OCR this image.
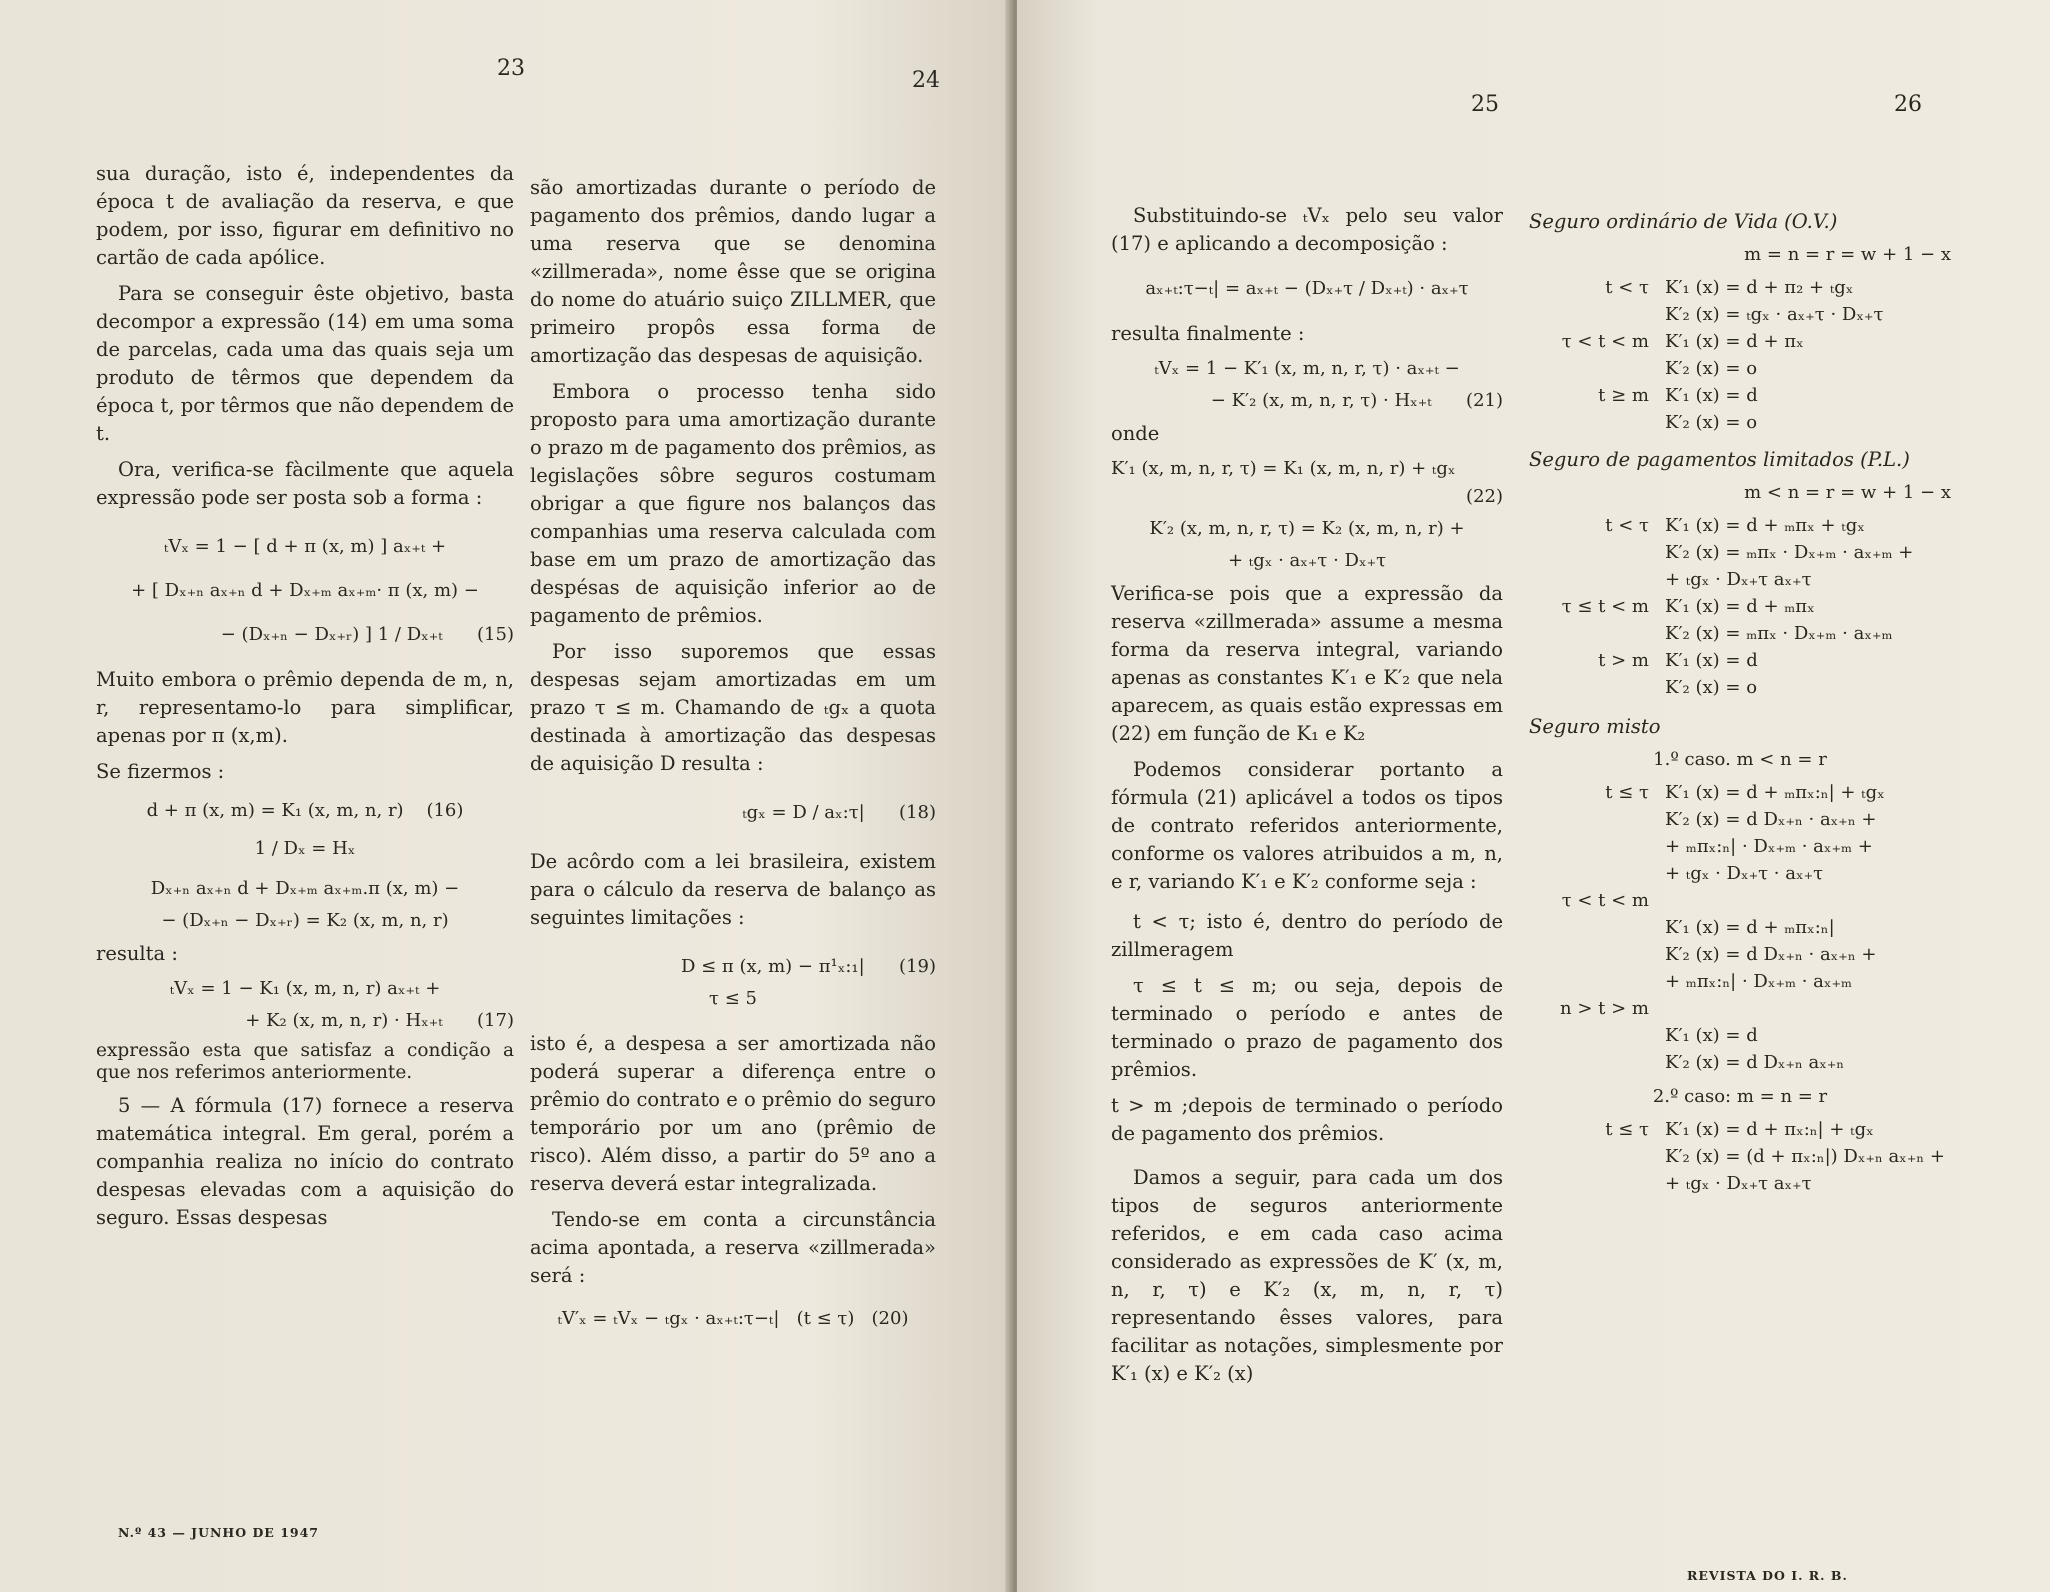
23	24

sua duração, isto é, independentes da época t de avaliação da reserva, e que podem, por isso, figurar em definitivo no cartão de cada apólice.

Para se conseguir êste objetivo, basta decompor a expressão (14) em uma soma de parcelas, cada uma das quais seja um produto de têrmos que dependem da época t, por têrmos que não dependem de t.

Ora, verifica-se fàcilmente que aquela expressão pode ser posta sob a forma :

ₜVₓ = 1 − [ d + π (x, m) ] aₓ₊ₜ +
+ [ Dₓ₊ₙ aₓ₊ₙ d + Dₓ₊ₘ aₓ₊ₘ· π (x, m) −
− (Dₓ₊ₙ − Dₓ₊ᵣ) ] 1 / Dₓ₊ₜ      (15)

Muito embora o prêmio dependa de m, n, r, representamo-lo para simplificar, apenas por π (x,m).

Se fizermos :

d + π (x, m) = K₁ (x, m, n, r)    (16)
1 / Dₓ = Hₓ
Dₓ₊ₙ aₓ₊ₙ d + Dₓ₊ₘ aₓ₊ₘ.π (x, m) −
− (Dₓ₊ₙ − Dₓ₊ᵣ) = K₂ (x, m, n, r)

resulta :

ₜVₓ = 1 − K₁ (x, m, n, r) aₓ₊ₜ +
+ K₂ (x, m, n, r) · Hₓ₊ₜ      (17)

expressão esta que satisfaz a condição a que nos referimos anteriormente.

5 — A fórmula (17) fornece a reserva matemática integral. Em geral, porém a companhia realiza no início do contrato despesas elevadas com a aquisição do seguro. Essas despesas

são amortizadas durante o período de pagamento dos prêmios, dando lugar a uma reserva que se denomina «zillmerada», nome êsse que se origina do nome do atuário suiço ZILLMER, que primeiro propôs essa forma de amortização das despesas de aquisição.

Embora o processo tenha sido proposto para uma amortização durante o prazo m de pagamento dos prêmios, as legislações sôbre seguros costumam obrigar a que figure nos balanços das companhias uma reserva calculada com base em um prazo de amortização das despésas de aquisição inferior ao de pagamento de prêmios.

Por isso suporemos que essas despesas sejam amortizadas em um prazo τ ≤ m. Chamando de ₜgₓ a quota destinada à amortização das despesas de aquisição D resulta :

ₜgₓ = D / aₓ:τ|      (18)

De acôrdo com a lei brasileira, existem para o cálculo da reserva de balanço as seguintes limitações :

D ≤ π (x, m) − π¹ₓ:₁|      (19)
τ ≤ 5

isto é, a despesa a ser amortizada não poderá superar a diferença entre o prêmio do contrato e o prêmio do seguro temporário por um ano (prêmio de risco). Além disso, a partir do 5º ano a reserva deverá estar integralizada.

Tendo-se em conta a circunstância acima apontada, a reserva «zillmerada» será :

ₜV′ₓ = ₜVₓ − ₜgₓ · aₓ₊ₜ:τ−ₜ|   (t ≤ τ)   (20)
N.º 43 — JUNHO DE 1947
25	26

Substituindo-se ₜVₓ pelo seu valor (17) e aplicando a decomposição :

aₓ₊ₜ:τ−ₜ| = aₓ₊ₜ − (Dₓ₊τ / Dₓ₊ₜ) · aₓ₊τ

resulta finalmente :

ₜVₓ = 1 − K′₁ (x, m, n, r, τ) · aₓ₊ₜ −
− K′₂ (x, m, n, r, τ) · Hₓ₊ₜ      (21)

onde

K′₁ (x, m, n, r, τ) = K₁ (x, m, n, r) + ₜgₓ
(22)
K′₂ (x, m, n, r, τ) = K₂ (x, m, n, r) +
+ ₜgₓ · aₓ₊τ · Dₓ₊τ

Verifica-se pois que a expressão da reserva «zillmerada» assume a mesma forma da reserva integral, variando apenas as constantes K′₁ e K′₂ que nela aparecem, as quais estão expressas em (22) em função de K₁ e K₂

Podemos considerar portanto a fórmula (21) aplicável a todos os tipos de contrato referidos anteriormente, conforme os valores atribuidos a m, n, e r, variando K′₁ e K′₂ conforme seja :

t < τ; isto é, dentro do período de zillmeragem

τ ≤ t ≤ m; ou seja, depois de terminado o período e antes de terminado o prazo de pagamento dos prêmios.

t > m ;depois de terminado o período de pagamento dos prêmios.

Damos a seguir, para cada um dos tipos de seguros anteriormente referidos, e em cada caso acima considerado as expressões de K′ (x, m, n, r, τ) e K′₂ (x, m, n, r, τ) representando êsses valores, para facilitar as notações, simplesmente por K′₁ (x) e K′₂ (x)

Seguro ordinário de Vida (O.V.)
m = n = r = w + 1 − x
t < τ K′₁ (x) = d + π₂ + ₜgₓ
K′₂ (x) = ₜgₓ · aₓ₊τ · Dₓ₊τ
τ < t < m K′₁ (x) = d + πₓ
K′₂ (x) = o
t ≥ m K′₁ (x) = d
K′₂ (x) = o
Seguro de pagamentos limitados (P.L.)
m < n = r = w + 1 − x
t < τ K′₁ (x) = d + ₘπₓ + ₜgₓ
K′₂ (x) = ₘπₓ · Dₓ₊ₘ · aₓ₊ₘ +
+ ₜgₓ · Dₓ₊τ aₓ₊τ
τ ≤ t < m K′₁ (x) = d + ₘπₓ
K′₂ (x) = ₘπₓ · Dₓ₊ₘ · aₓ₊ₘ
t > m K′₁ (x) = d
K′₂ (x) = o
Seguro misto
1.º caso. m < n = r
t ≤ τ K′₁ (x) = d + ₘπₓ:ₙ| + ₜgₓ
K′₂ (x) = d Dₓ₊ₙ · aₓ₊ₙ +
+ ₘπₓ:ₙ| · Dₓ₊ₘ · aₓ₊ₘ +
+ ₜgₓ · Dₓ₊τ · aₓ₊τ
τ < t < m
K′₁ (x) = d + ₘπₓ:ₙ|
K′₂ (x) = d Dₓ₊ₙ · aₓ₊ₙ +
+ ₘπₓ:ₙ| · Dₓ₊ₘ · aₓ₊ₘ
n > t > m
K′₁ (x) = d
K′₂ (x) = d Dₓ₊ₙ aₓ₊ₙ
2.º caso: m = n = r
t ≤ τ K′₁ (x) = d + πₓ:ₙ| + ₜgₓ
K′₂ (x) = (d + πₓ:ₙ|) Dₓ₊ₙ aₓ₊ₙ +
+ ₜgₓ · Dₓ₊τ aₓ₊τ
REVISTA DO I. R. B.
